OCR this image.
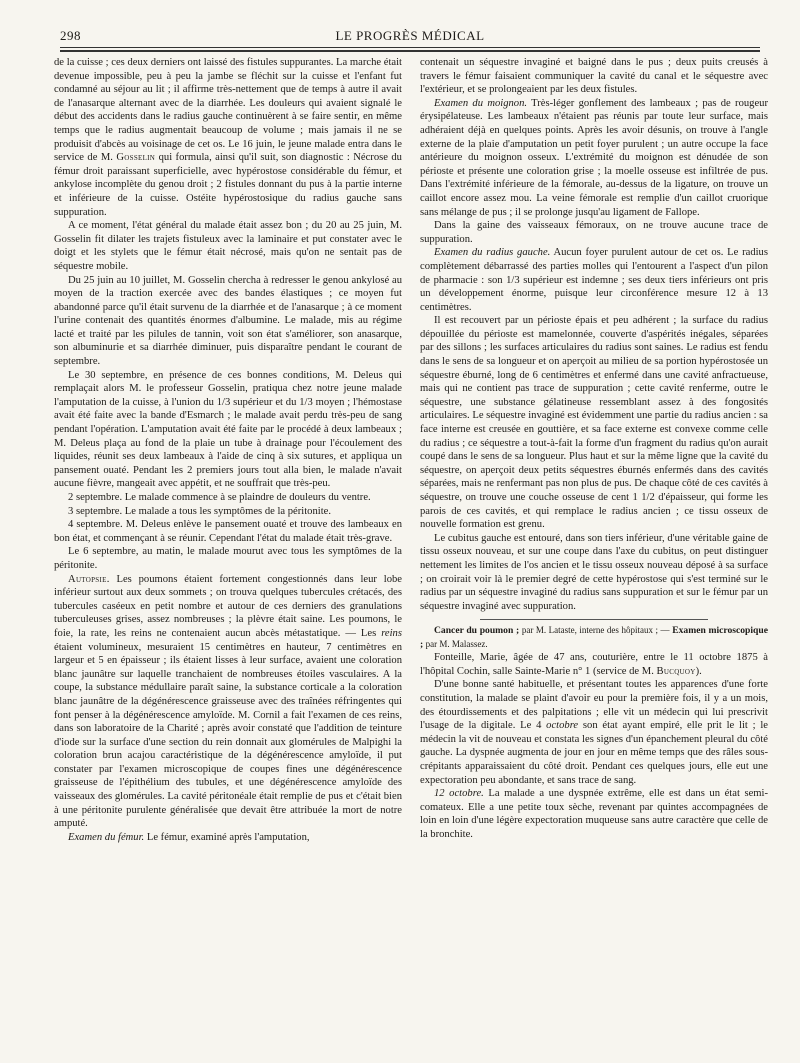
298	LE PROGRÈS MÉDICAL

de la cuisse ; ces deux derniers ont laissé des fistules suppurantes. La marche était devenue impossible, peu à peu la jambe se fléchit sur la cuisse et l'enfant fut condamné au séjour au lit ; il affirme très-nettement que de temps à autre il avait de l'anasarque alternant avec de la diarrhée. Les douleurs qui avaient signalé le début des accidents dans le radius gauche continuèrent à se faire sentir, en même temps que le radius augmentait beaucoup de volume ; mais jamais il ne se produisit d'abcès au voisinage de cet os. Le 16 juin, le jeune malade entra dans le service de M. Gosselin qui formula, ainsi qu'il suit, son diagnostic : Nécrose du fémur droit paraissant superficielle, avec hypérostose considérable du fémur, et ankylose incomplète du genou droit ; 2 fistules donnant du pus à la partie interne et inférieure de la cuisse. Ostéite hypérostosique du radius gauche sans suppuration.

A ce moment, l'état général du malade était assez bon ; du 20 au 25 juin, M. Gosselin fit dilater les trajets fistuleux avec la laminaire et put constater avec le doigt et les stylets que le fémur était nécrosé, mais qu'on ne sentait pas de séquestre mobile.

Du 25 juin au 10 juillet, M. Gosselin chercha à redresser le genou ankylosé au moyen de la traction exercée avec des bandes élastiques ; ce moyen fut abandonné parce qu'il était survenu de la diarrhée et de l'anasarque ; à ce moment l'urine contenait des quantités énormes d'albumine. Le malade, mis au régime lacté et traité par les pilules de tannin, voit son état s'améliorer, son anasarque, son albuminurie et sa diarrhée diminuer, puis disparaître pendant le courant de septembre.

Le 30 septembre, en présence de ces bonnes conditions, M. Deleus qui remplaçait alors M. le professeur Gosselin, pratiqua chez notre jeune malade l'amputation de la cuisse, à l'union du 1/3 supérieur et du 1/3 moyen ; l'hémostase avait été faite avec la bande d'Esmarch ; le malade avait perdu très-peu de sang pendant l'opération. L'amputation avait été faite par le procédé à deux lambeaux ; M. Deleus plaça au fond de la plaie un tube à drainage pour l'écoulement des liquides, réunit ses deux lambeaux à l'aide de cinq à six sutures, et appliqua un pansement ouaté. Pendant les 2 premiers jours tout alla bien, le malade n'avait aucune fièvre, mangeait avec appétit, et ne souffrait que très-peu.

2 septembre. Le malade commence à se plaindre de douleurs du ventre.

3 septembre. Le malade a tous les symptômes de la péritonite.

4 septembre. M. Deleus enlève le pansement ouaté et trouve des lambeaux en bon état, et commençant à se réunir. Cependant l'état du malade était très-grave.

Le 6 septembre, au matin, le malade mourut avec tous les symptômes de la péritonite.

Autopsie. Les poumons étaient fortement congestionnés dans leur lobe inférieur surtout aux deux sommets ; on trouva quelques tubercules crétacés, des tubercules caséeux en petit nombre et autour de ces derniers des granulations tuberculeuses grises, assez nombreuses ; la plèvre était saine. Les poumons, le foie, la rate, les reins ne contenaient aucun abcès métastatique. — Les reins étaient volumineux, mesuraient 15 centimètres en hauteur, 7 centimètres en largeur et 5 en épaisseur ; ils étaient lisses à leur surface, avaient une coloration blanc jaunâtre sur laquelle tranchaient de nombreuses étoiles vasculaires. A la coupe, la substance médullaire paraît saine, la substance corticale a la coloration blanc jaunâtre de la dégénérescence graisseuse avec des traînées réfringentes qui font penser à la dégénérescence amyloïde. M. Cornil a fait l'examen de ces reins, dans son laboratoire de la Charité ; après avoir constaté que l'addition de teinture d'iode sur la surface d'une section du rein donnait aux glomérules de Malpighi la coloration brun acajou caractéristique de la dégénérescence amyloïde, il put constater par l'examen microscopique de coupes fines une dégénérescence graisseuse de l'épithélium des tubules, et une dégénérescence amyloïde des vaisseaux des glomérules. La cavité péritonéale était remplie de pus et c'était bien à une péritonite purulente généralisée que devait être attribuée la mort de notre amputé.

Examen du fémur. Le fémur, examiné après l'amputation,

contenait un séquestre invaginé et baigné dans le pus ; deux puits creusés à travers le fémur faisaient communiquer la cavité du canal et le séquestre avec l'extérieur, et se prolongeaient par les deux fistules.

Examen du moignon. Très-léger gonflement des lambeaux ; pas de rougeur érysipélateuse. Les lambeaux n'étaient pas réunis par toute leur surface, mais adhéraient déjà en quelques points. Après les avoir désunis, on trouve à l'angle externe de la plaie d'amputation un petit foyer purulent ; un autre occupe la face antérieure du moignon osseux. L'extrémité du moignon est dénudée de son périoste et présente une coloration grise ; la moelle osseuse est infiltrée de pus. Dans l'extrémité inférieure de la fémorale, au-dessus de la ligature, on trouve un caillot encore assez mou. La veine fémorale est remplie d'un caillot cruorique sans mélange de pus ; il se prolonge jusqu'au ligament de Fallope.

Dans la gaine des vaisseaux fémoraux, on ne trouve aucune trace de suppuration.

Examen du radius gauche. Aucun foyer purulent autour de cet os. Le radius complètement débarrassé des parties molles qui l'entourent a l'aspect d'un pilon de pharmacie : son 1/3 supérieur est indemne ; ses deux tiers inférieurs ont pris un développement énorme, puisque leur circonférence mesure 12 à 13 centimètres.

Il est recouvert par un périoste épais et peu adhérent ; la surface du radius dépouillée du périoste est mamelonnée, couverte d'aspérités inégales, séparées par des sillons ; les surfaces articulaires du radius sont saines. Le radius est fendu dans le sens de sa longueur et on aperçoit au milieu de sa portion hypérostosée un séquestre éburné, long de 6 centimètres et enfermé dans une cavité anfractueuse, mais qui ne contient pas trace de suppuration ; cette cavité renferme, outre le séquestre, une substance gélatineuse ressemblant assez à des fongosités articulaires. Le séquestre invaginé est évidemment une partie du radius ancien : sa face interne est creusée en gouttière, et sa face externe est convexe comme celle du radius ; ce séquestre a tout-à-fait la forme d'un fragment du radius qu'on aurait coupé dans le sens de sa longueur. Plus haut et sur la même ligne que la cavité du séquestre, on aperçoit deux petits séquestres éburnés enfermés dans des cavités séparées, mais ne renfermant pas non plus de pus. De chaque côté de ces cavités à séquestre, on trouve une couche osseuse de cent 1 1/2 d'épaisseur, qui forme les parois de ces cavités, et qui remplace le radius ancien ; ce tissu osseux de nouvelle formation est grenu.

Le cubitus gauche est entouré, dans son tiers inférieur, d'une véritable gaine de tissu osseux nouveau, et sur une coupe dans l'axe du cubitus, on peut distinguer nettement les limites de l'os ancien et le tissu osseux nouveau déposé à sa surface ; on croirait voir là le premier degré de cette hypérostose qui s'est terminé sur le radius par un séquestre invaginé du radius sans suppuration et sur le fémur par un séquestre invaginé avec suppuration.

Cancer du poumon ; par M. Lataste, interne des hôpitaux ; — Examen microscopique ; par M. Malassez.

Fonteille, Marie, âgée de 47 ans, couturière, entre le 11 octobre 1875 à l'hôpital Cochin, salle Sainte-Marie n° 1 (service de M. Bucquoy).

D'une bonne santé habituelle, et présentant toutes les apparences d'une forte constitution, la malade se plaint d'avoir eu pour la première fois, il y a un mois, des étourdissements et des palpitations ; elle vit un médecin qui lui prescrivit l'usage de la digitale. Le 4 octobre son état ayant empiré, elle prit le lit ; le médecin la vit de nouveau et constata les signes d'un épanchement pleural du côté gauche. La dyspnée augmenta de jour en jour en même temps que des râles sous-crépitants apparaissaient du côté droit. Pendant ces quelques jours, elle eut une expectoration peu abondante, et sans trace de sang.

12 octobre. La malade a une dyspnée extrême, elle est dans un état semi-comateux. Elle a une petite toux sèche, revenant par quintes accompagnées de loin en loin d'une légère expectoration muqueuse sans autre caractère que celle de la bronchite.
